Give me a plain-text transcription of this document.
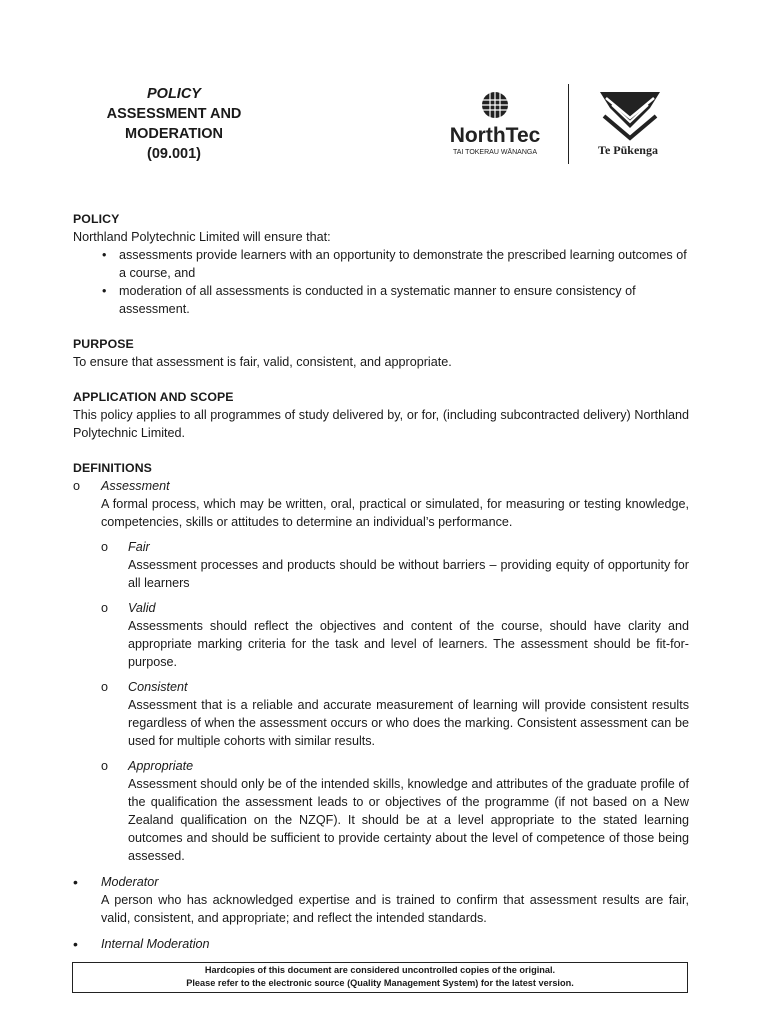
POLICY
ASSESSMENT AND
MODERATION
(09.001)
NorthTec
TAI TOKERAU WĀNANGA	Te Pūkenga
POLICY
Northland Polytechnic Limited will ensure that:
• assessments provide learners with an opportunity to demonstrate the prescribed learning outcomes of a course, and
• moderation of all assessments is conducted in a systematic manner to ensure consistency of assessment.
PURPOSE
To ensure that assessment is fair, valid, consistent, and appropriate.
APPLICATION AND SCOPE
This policy applies to all programmes of study delivered by, or for, (including subcontracted delivery) Northland Polytechnic Limited.
DEFINITIONS
o Assessment
A formal process, which may be written, oral, practical or simulated, for measuring or testing knowledge, competencies, skills or attitudes to determine an individual’s performance.
o Fair
Assessment processes and products should be without barriers – providing equity of opportunity for all learners
o Valid
Assessments should reflect the objectives and content of the course, should have clarity and appropriate marking criteria for the task and level of learners. The assessment should be fit-for-purpose.
o Consistent
Assessment that is a reliable and accurate measurement of learning will provide consistent results regardless of when the assessment occurs or who does the marking. Consistent assessment can be used for multiple cohorts with similar results.
o Appropriate
Assessment should only be of the intended skills, knowledge and attributes of the graduate profile of the qualification the assessment leads to or objectives of the programme (if not based on a New Zealand qualification on the NZQF). It should be at a level appropriate to the stated learning outcomes and should be sufficient to provide certainty about the level of competence of those being assessed.
• Moderator
A person who has acknowledged expertise and is trained to confirm that assessment results are fair, valid, consistent, and appropriate; and reflect the intended standards.
• Internal Moderation
Hardcopies of this document are considered uncontrolled copies of the original.
Please refer to the electronic source (Quality Management System) for the latest version.
